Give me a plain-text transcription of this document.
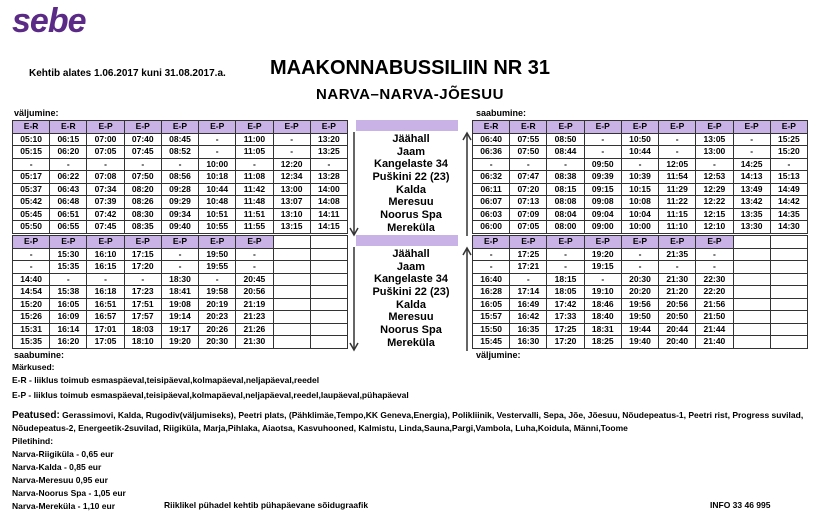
sebe
Kehtib alates 1.06.2017 kuni 31.08.2017.a.	MAAKONNABUSSILIIN NR 31
NARVA–NARVA-JÕESUU
väljumine:	saabumine:
saabumine:	väljumine:
E-R	E-R	E-P	E-P	E-P	E-P	E-P	E-P	E-P
05:10	06:15	07:00	07:40	08:45	-	11:00	-	13:20
05:15	06:20	07:05	07:45	08:52	-	11:05	-	13:25
-	-	-	-	-	10:00	-	12:20	-
05:17	06:22	07:08	07:50	08:56	10:18	11:08	12:34	13:28
05:37	06:43	07:34	08:20	09:28	10:44	11:42	13:00	14:00
05:42	06:48	07:39	08:26	09:29	10:48	11:48	13:07	14:08
05:45	06:51	07:42	08:30	09:34	10:51	11:51	13:10	14:11
05:50	06:55	07:45	08:35	09:40	10:55	11:55	13:15	14:15
E-R	E-R	E-P	E-P	E-P	E-P	E-P	E-P	E-P
06:40	07:55	08:50	-	10:50	-	13:05	-	15:25
06:36	07:50	08:44	-	10:44	-	13:00	-	15:20
-	-	-	09:50	-	12:05	-	14:25	-
06:32	07:47	08:38	09:39	10:39	11:54	12:53	14:13	15:13
06:11	07:20	08:15	09:15	10:15	11:29	12:29	13:49	14:49
06:07	07:13	08:08	09:08	10:08	11:22	12:22	13:42	14:42
06:03	07:09	08:04	09:04	10:04	11:15	12:15	13:35	14:35
06:00	07:05	08:00	09:00	10:00	11:10	12:10	13:30	14:30
E-P	E-P	E-P	E-P	E-P	E-P	E-P		
-	15:30	16:10	17:15	-	19:50	-		
-	15:35	16:15	17:20	-	19:55	-		
14:40	-	-	-	18:30	-	20:45		
14:54	15:38	16:18	17:23	18:41	19:58	20:56		
15:20	16:05	16:51	17:51	19:08	20:19	21:19		
15:26	16:09	16:57	17:57	19:14	20:23	21:23		
15:31	16:14	17:01	18:03	19:17	20:26	21:26		
15:35	16:20	17:05	18:10	19:20	20:30	21:30		
E-P	E-P	E-P	E-P	E-P	E-P	E-P		
-	17:25	-	19:20	-	21:35	-		
-	17:21	-	19:15	-	-	-		
16:40	-	18:15	-	20:30	21:30	22:30		
16:28	17:14	18:05	19:10	20:20	21:20	22:20		
16:05	16:49	17:42	18:46	19:56	20:56	21:56		
15:57	16:42	17:33	18:40	19:50	20:50	21:50		
15:50	16:35	17:25	18:31	19:44	20:44	21:44		
15:45	16:30	17:20	18:25	19:40	20:40	21:40		
Jäähall
Jaam
Kangelaste 34
Puškini 22 (23)
Kalda
Meresuu
Noorus Spa
Mereküla
Jäähall
Jaam
Kangelaste 34
Puškini 22 (23)
Kalda
Meresuu
Noorus Spa
Mereküla
Märkused:
E-R - liiklus toimub esmaspäeval,teisipäeval,kolmapäeval,neljapäeval,reedel
E-P - liiklus toimub esmaspäeval,teisipäeval,kolmapäeval,neljapäeval,reedel,laupäeval,pühapäeval
Peatused: Gerassimovi, Kalda, Rugodiv(väljumiseks), Peetri plats, (Pähklimäe,Tempo,KK Geneva,Energia), Polikliinik, Vestervalli, Sepa, Jõe, Jõesuu, Nõudepeatus-1, Peetri rist, Progress suvilad, Nõudepeatus-2, Energeetik-2suvilad, Riigiküla, Marja,Pihlaka, Aiaotsa, Kasvuhooned, Kalmistu, Linda,Sauna,Pargi,Vambola, Luha,Koidula, Männi,Toome
Piletihind:
Narva-Riigiküla - 0,65 eur
Narva-Kalda - 0,85 eur
Narva-Meresuu 0,95 eur
Narva-Noorus Spa - 1,05 eur
Narva-Mereküla - 1,10 eur	Riiklikel pühadel kehtib pühapäevane sõidugraafik	INFO 33 46 995
